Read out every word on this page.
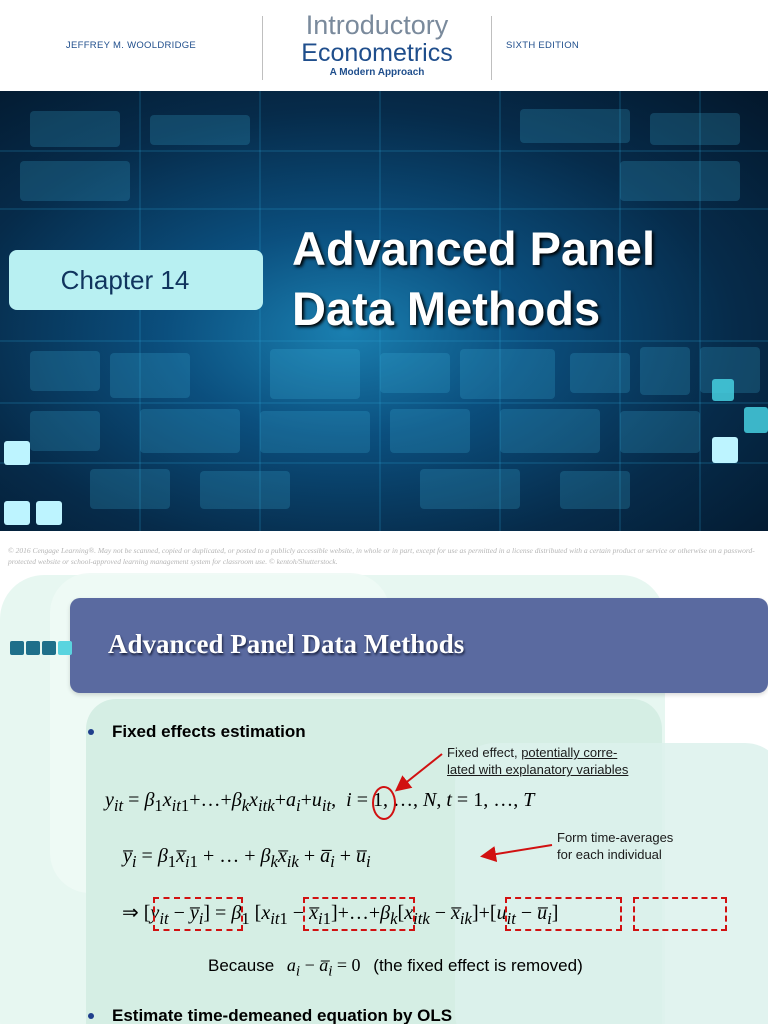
JEFFREY M. WOOLDRIDGE
Introductory
Econometrics
A Modern Approach
SIXTH EDITION
Chapter 14
Advanced Panel
Data Methods
© 2016 Cengage Learning®. May not be scanned, copied or duplicated, or posted to a publicly accessible website, in whole or in part, except for use as permitted in a license distributed with a certain product or service or otherwise on a password-protected website or school-approved learning management system for classroom use. © kentoh/Shutterstock.
Advanced Panel Data Methods
Fixed effects estimation
Fixed effect, potentially corre-
lated with explanatory variables
$y_{it}$ = $\beta_1x_{it1}+\dots+\beta_kx_{itk}+a_i+u_{it}$,  i = 1, …, N, t = 1, …, T
Form time-averages
for each individual
$y̅_i$ = $\beta_1x̅_{i1}$ + … + $\beta_kx̅_{ik}$ + $a̅_i$ + $u̅_i$
⇒ [$y_{it}$ − $y̅_i] = \beta_1$ [$x_{it1}$ − $x̅_{i1}]+\dots+\beta_k[x_{itk}$ − $x̅_{ik}]+[u_{it}$ − $u̅_i$]
Because $a_i$ − $a̅_i = 0$ (the fixed effect is removed)
Estimate time-demeaned equation by OLS
